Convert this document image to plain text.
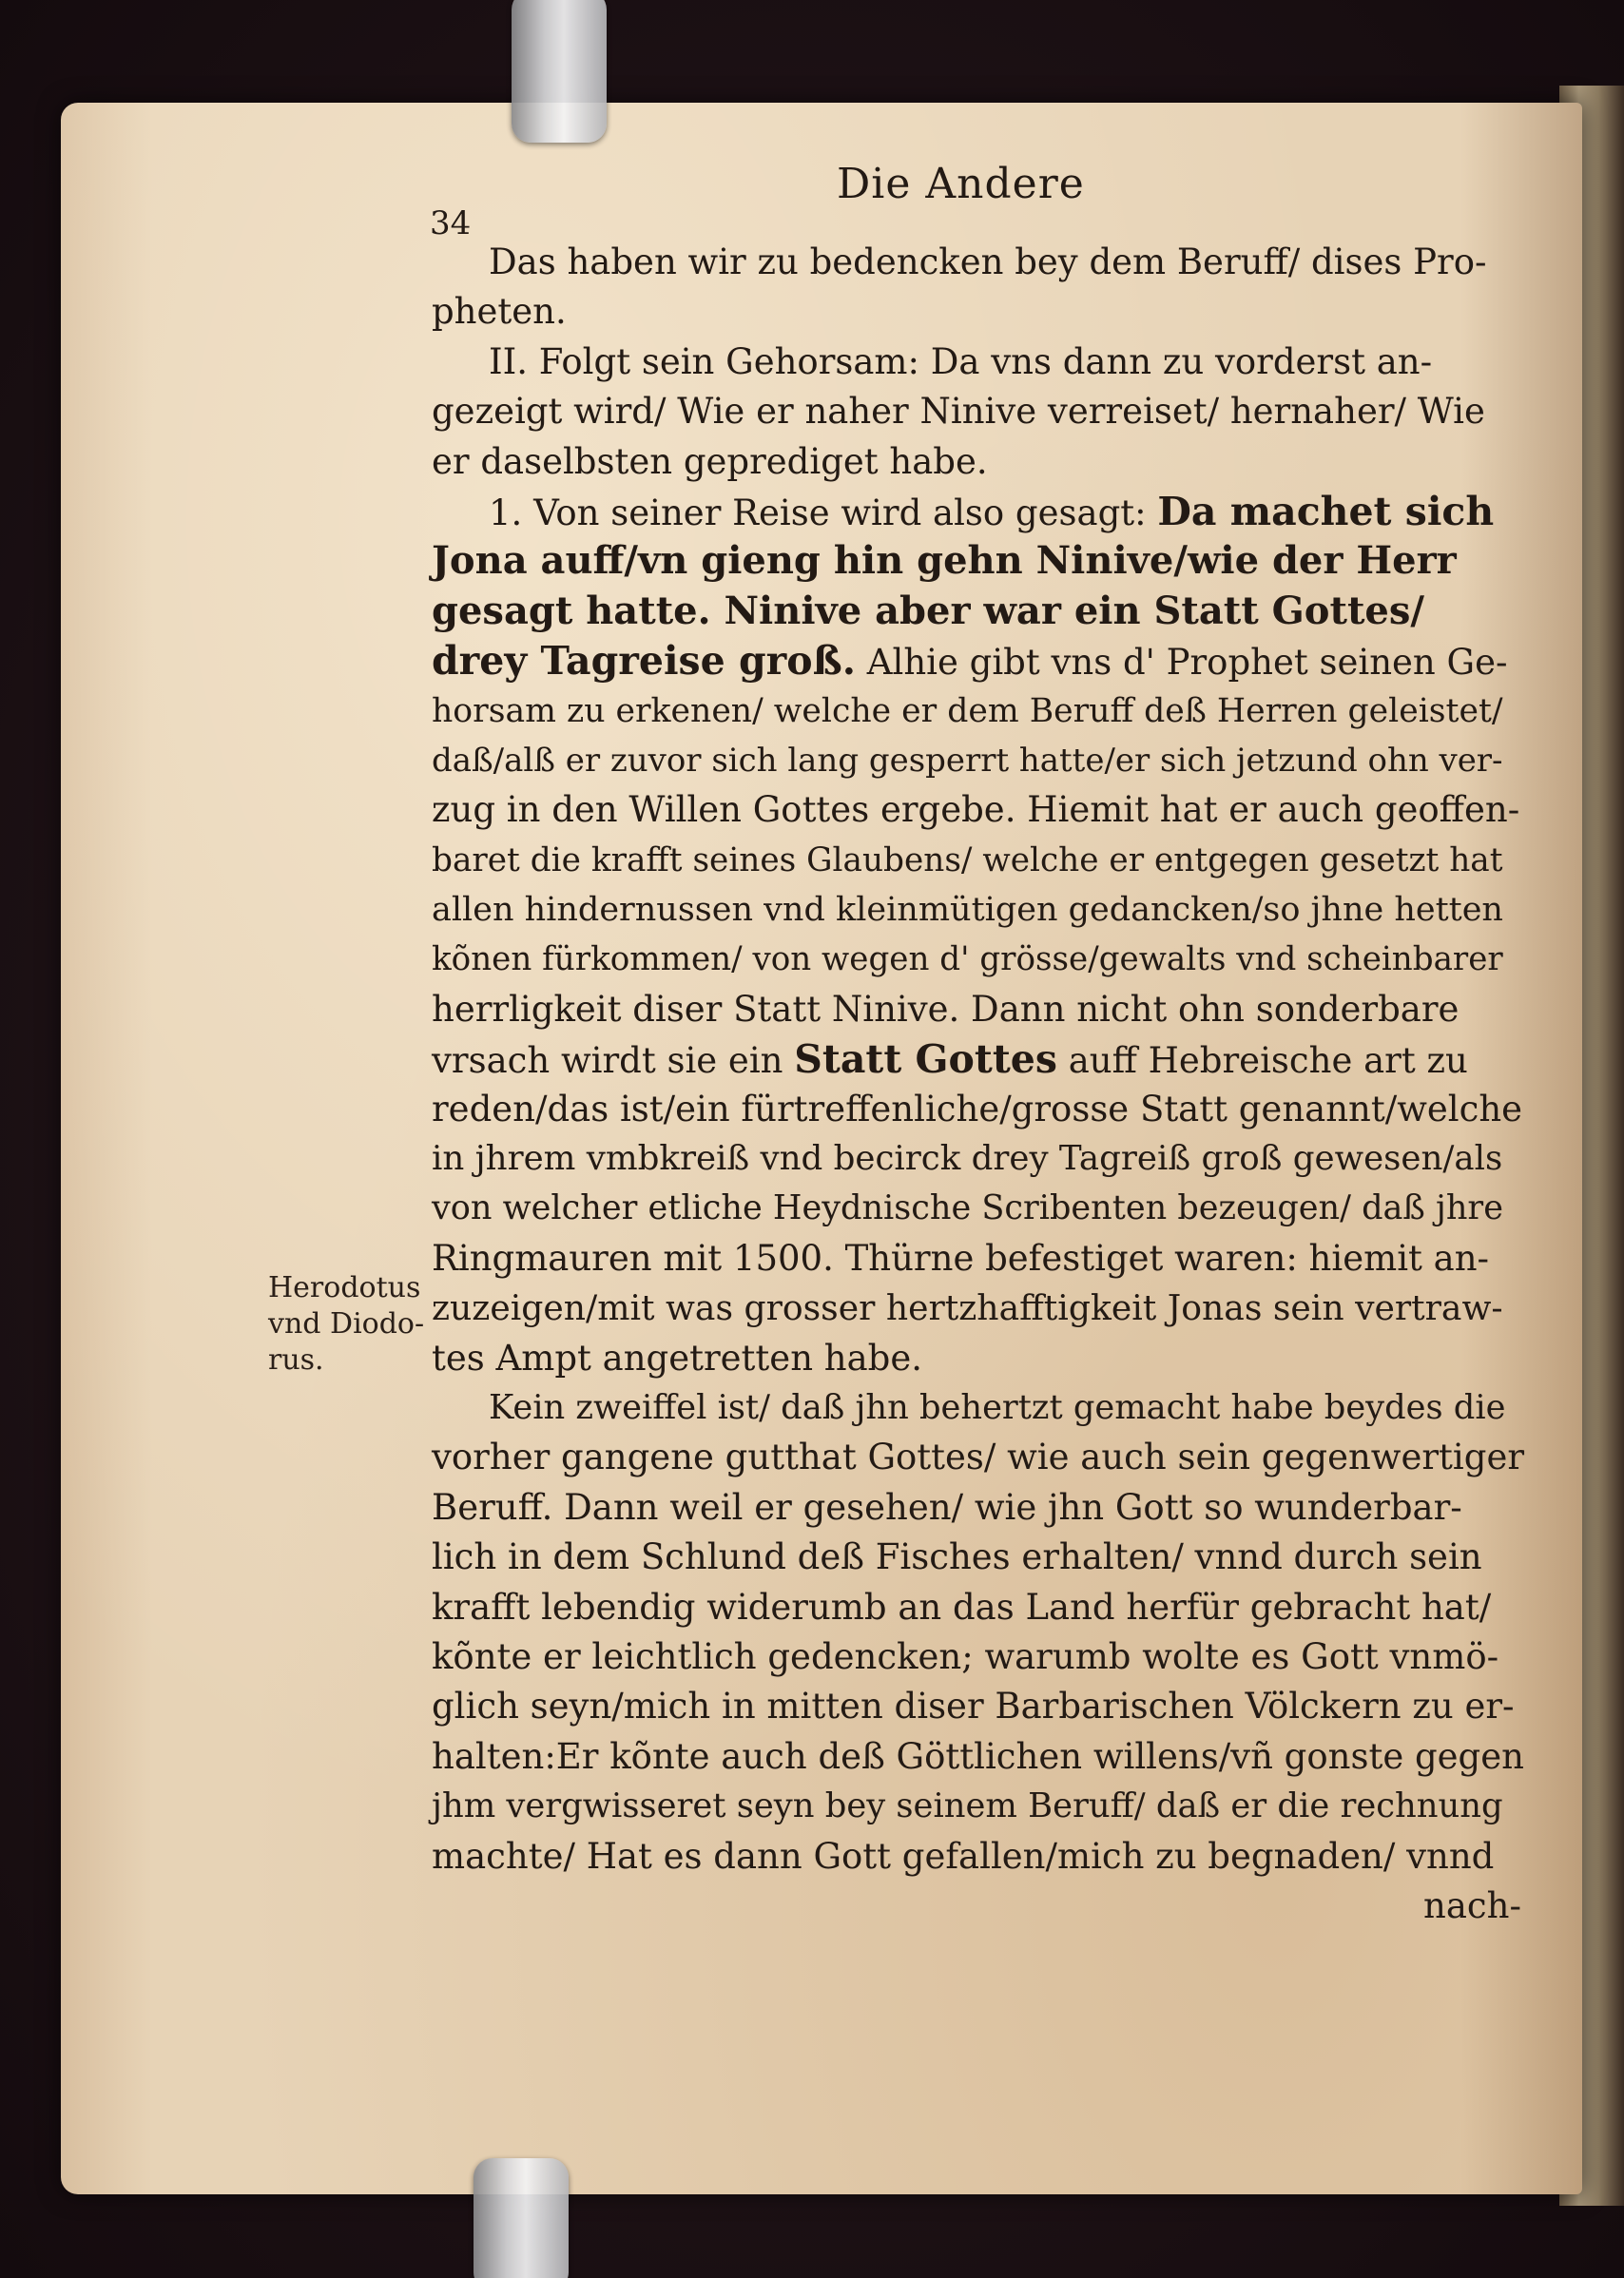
Die Andere
34
Herodotus
vnd Diodo-
rus.
Das haben wir zu bedencken bey dem Beruff/ dises Pro-
pheten.
II. Folgt sein Gehorsam: Da vns dann zu vorderst an-
gezeigt wird/ Wie er naher Ninive verreiset/ hernaher/ Wie
er daselbsten geprediget habe.
1. Von seiner Reise wird also gesagt: Da machet sich
Jona auff/vn gieng hin gehn Ninive/wie der Herr
gesagt hatte. Ninive aber war ein Statt Gottes/
drey Tagreise groß. Alhie gibt vns d' Prophet seinen Ge-
horsam zu erkenen/ welche er dem Beruff deß Herren geleistet/
daß/alß er zuvor sich lang gesperrt hatte/er sich jetzund ohn ver-
zug in den Willen Gottes ergebe. Hiemit hat er auch geoffen-
baret die krafft seines Glaubens/ welche er entgegen gesetzt hat
allen hindernussen vnd kleinmütigen gedancken/so jhne hetten
kõnen fürkommen/ von wegen d' grösse/gewalts vnd scheinbarer
herrligkeit diser Statt Ninive. Dann nicht ohn sonderbare
vrsach wirdt sie ein Statt Gottes auff Hebreische art zu
reden/das ist/ein fürtreffenliche/grosse Statt genannt/welche
in jhrem vmbkreiß vnd becirck drey Tagreiß groß gewesen/als
von welcher etliche Heydnische Scribenten bezeugen/ daß jhre
Ringmauren mit 1500. Thürne befestiget waren: hiemit an-
zuzeigen/mit was grosser hertzhafftigkeit Jonas sein vertraw-
tes Ampt angetretten habe.
Kein zweiffel ist/ daß jhn behertzt gemacht habe beydes die
vorher gangene gutthat Gottes/ wie auch sein gegenwertiger
Beruff. Dann weil er gesehen/ wie jhn Gott so wunderbar-
lich in dem Schlund deß Fisches erhalten/ vnnd durch sein
krafft lebendig widerumb an das Land herfür gebracht hat/
kõnte er leichtlich gedencken; warumb wolte es Gott vnmö-
glich seyn/mich in mitten diser Barbarischen Völckern zu er-
halten:Er kõnte auch deß Göttlichen willens/vñ gonste gegen
jhm vergwisseret seyn bey seinem Beruff/ daß er die rechnung
machte/ Hat es dann Gott gefallen/mich zu begnaden/ vnnd
nach-
